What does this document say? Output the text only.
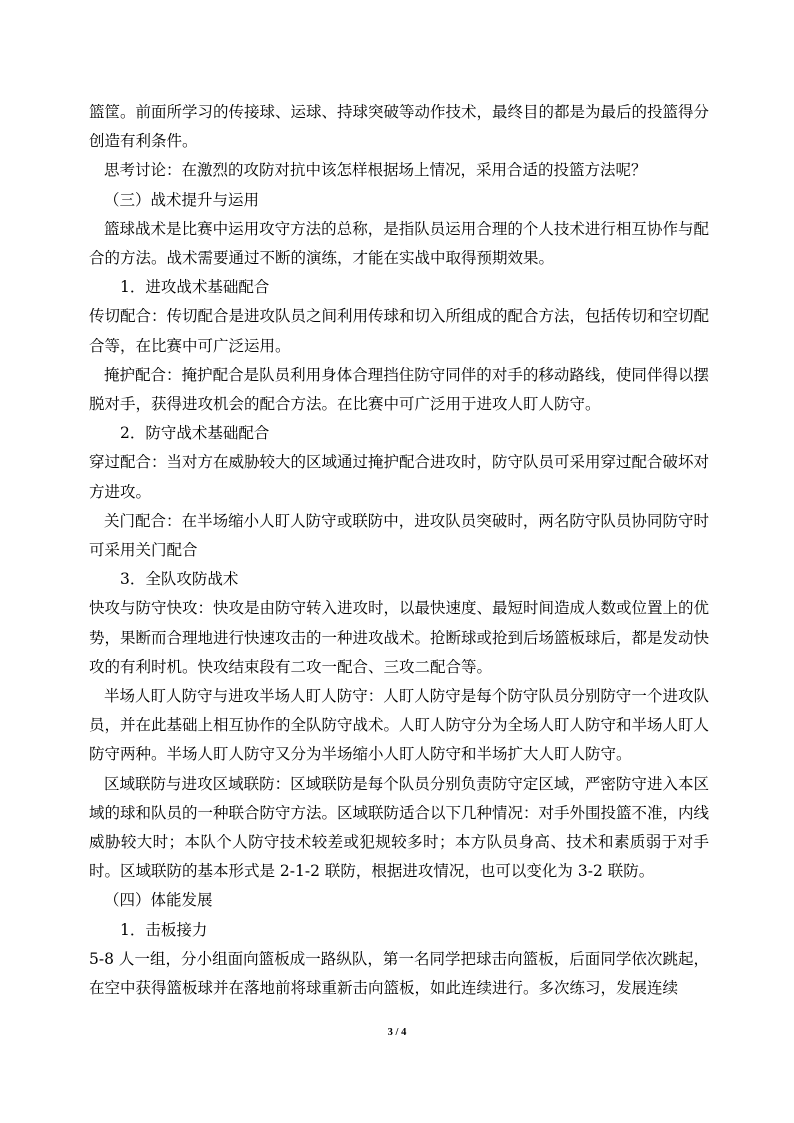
篮筐。前面所学习的传接球、运球、持球突破等动作技术，最终目的都是为最后的投篮得分创造有利条件。

思考讨论：在激烈的攻防对抗中该怎样根据场上情况，采用合适的投篮方法呢？

（三）战术提升与运用

篮球战术是比赛中运用攻守方法的总称，是指队员运用合理的个人技术进行相互协作与配合的方法。战术需要通过不断的演练，才能在实战中取得预期效果。

1．进攻战术基础配合

传切配合：传切配合是进攻队员之间利用传球和切入所组成的配合方法，包括传切和空切配合等，在比赛中可广泛运用。

掩护配合：掩护配合是队员利用身体合理挡住防守同伴的对手的移动路线，使同伴得以摆脱对手，获得进攻机会的配合方法。在比赛中可广泛用于进攻人盯人防守。

2．防守战术基础配合

穿过配合：当对方在威胁较大的区域通过掩护配合进攻时，防守队员可采用穿过配合破坏对方进攻。

关门配合：在半场缩小人盯人防守或联防中，进攻队员突破时，两名防守队员协同防守时可采用关门配合

3．全队攻防战术

快攻与防守快攻：快攻是由防守转入进攻时，以最快速度、最短时间造成人数或位置上的优势，果断而合理地进行快速攻击的一种进攻战术。抢断球或抢到后场篮板球后，都是发动快攻的有利时机。快攻结束段有二攻一配合、三攻二配合等。

半场人盯人防守与进攻半场人盯人防守：人盯人防守是每个防守队员分别防守一个进攻队员，并在此基础上相互协作的全队防守战术。人盯人防守分为全场人盯人防守和半场人盯人防守两种。半场人盯人防守又分为半场缩小人盯人防守和半场扩大人盯人防守。

区域联防与进攻区域联防：区域联防是每个队员分别负责防守定区域，严密防守进入本区域的球和队员的一种联合防守方法。区域联防适合以下几种情况：对手外围投篮不准，内线威胁较大时；本队个人防守技术较差或犯规较多时；本方队员身高、技术和素质弱于对手时。区域联防的基本形式是 2-1-2 联防，根据进攻情况，也可以变化为 3-2 联防。

（四）体能发展

1．击板接力

5-8 人一组，分小组面向篮板成一路纵队，第一名同学把球击向篮板，后面同学依次跳起，在空中获得篮板球并在落地前将球重新击向篮板，如此连续进行。多次练习，发展连续

3 / 4
